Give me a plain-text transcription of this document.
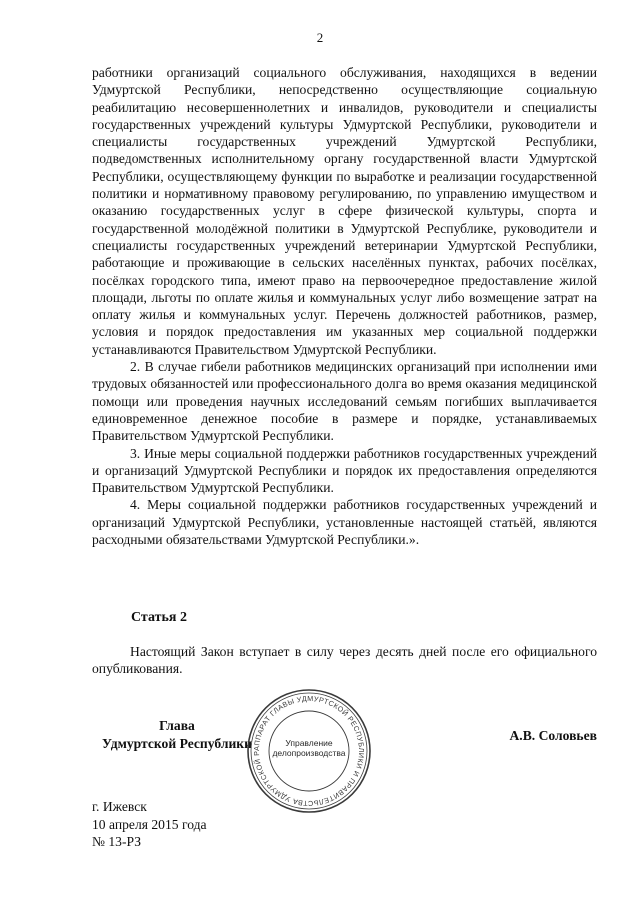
2

работники организаций социального обслуживания, находящихся в ведении Удмуртской Республики, непосредственно осуществляющие социальную реабилитацию несовершеннолетних и инвалидов, руководители и специалисты государственных учреждений культуры Удмуртской Республики, руководители и специалисты государственных учреждений Удмуртской Республики, подведомственных исполнительному органу государственной власти Удмуртской Республики, осуществляющему функции по выработке и реализации государственной политики и нормативному правовому регулированию, по управлению имуществом и оказанию государственных услуг в сфере физической культуры, спорта и государственной молодёжной политики в Удмуртской Республике, руководители и специалисты государственных учреждений ветеринарии Удмуртской Республики, работающие и проживающие в сельских населённых пунктах, рабочих посёлках, посёлках городского типа, имеют право на первоочередное предоставление жилой площади, льготы по оплате жилья и коммунальных услуг либо возмещение затрат на оплату жилья и коммунальных услуг. Перечень должностей работников, размер, условия и порядок предоставления им указанных мер социальной поддержки устанавливаются Правительством Удмуртской Республики.

2. В случае гибели работников медицинских организаций при исполнении ими трудовых обязанностей или профессионального долга во время оказания медицинской помощи или проведения научных исследований семьям погибших выплачивается единовременное денежное пособие в размере и порядке, устанавливаемых Правительством Удмуртской Республики.

3. Иные меры социальной поддержки работников государственных учреждений и организаций Удмуртской Республики и порядок их предоставления определяются Правительством Удмуртской Республики.

4. Меры социальной поддержки работников государственных учреждений и организаций Удмуртской Республики, установленные настоящей статьёй, являются расходными обязательствами Удмуртской Республики.».

Статья 2

Настоящий Закон вступает в силу через десять дней после его официального опубликования.

Глава
Удмуртской Республики АППАРАТ ГЛАВЫ УДМУРТСКОЙ РЕСПУБЛИКИ И ПРАВИТЕЛЬСТВА УДМУРТСКОЙ Р
Управление
делопроизводства
А.В. Соловьев
г. Ижевск
10 апреля 2015 года
№ 13-РЗ
